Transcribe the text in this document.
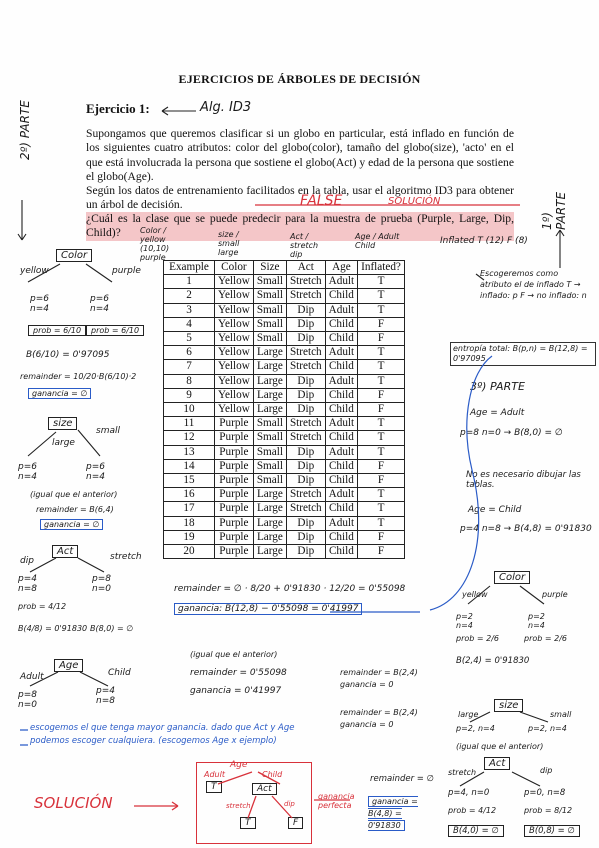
EJERCICIOS DE ÁRBOLES DE DECISIÓN
Ejercicio 1:	Alg. ID3
Supongamos que queremos clasificar si un globo en particular, está inflado en función de los siguientes cuatro atributos: color del globo(color), tamaño del globo(size), 'acto' en el que está involucrada la persona que sostiene el globo(Act) y edad de la persona que sostiene el globo(Age).
Según los datos de entrenamiento facilitados en la tabla, usar el algoritmo ID3 para obtener un árbol de decisión.
¿Cuál es la clase que se puede predecir para la muestra de prueba (Purple, Large, Dip, Child)?
FALSE	SOLUCIÓN
2º) PARTE
1º) PARTE
3º) PARTE
Color / yellow (10,10) purple
size / small large
Act / stretch dip
Age / Adult Child	Inflated T (12) F (8)
Example	Color	Size	Act	Age	Inflated?
1	Yellow	Small	Stretch	Adult	T
2	Yellow	Small	Stretch	Child	T
3	Yellow	Small	Dip	Adult	T
4	Yellow	Small	Dip	Child	F
5	Yellow	Small	Dip	Child	F
6	Yellow	Large	Stretch	Adult	T
7	Yellow	Large	Stretch	Child	T
8	Yellow	Large	Dip	Adult	T
9	Yellow	Large	Dip	Child	F
10	Yellow	Large	Dip	Child	F
11	Purple	Small	Stretch	Adult	T
12	Purple	Small	Stretch	Child	T
13	Purple	Small	Dip	Adult	T
14	Purple	Small	Dip	Child	F
15	Purple	Small	Dip	Child	F
16	Purple	Large	Stretch	Adult	T
17	Purple	Large	Stretch	Child	T
18	Purple	Large	Dip	Adult	T
19	Purple	Large	Dip	Child	F
20	Purple	Large	Dip	Child	F
Color
yellow	purple
p=6 n=4
p=6 n=4
prob = 6/10	prob = 6/10
B(6/10) = 0'97095
remainder = 10/20·B(6/10)·2
ganancia = ∅
size
large
small
p=6 n=4
p=6 n=4
(igual que el anterior)
remainder = B(6,4)
ganancia = ∅
Act
dip	stretch
p=4 n=8
p=8 n=0
prob = 4/12
B(4/8) = 0'91830 B(8,0) = ∅
remainder = ∅ · 8/20 + 0'91830 · 12/20 = 0'55098
ganancia: B(12,8) − 0'55098 = 0'41997
Age
Adult	Child
p=8 n=0
p=4 n=8
(igual que el anterior)
remainder = 0'55098
ganancia = 0'41997
escogemos el que tenga mayor ganancia. dado que Act y Age podemos escoger cualquiera. (escogemos Age x ejemplo)
SOLUCIÓN	ganancia perfecta
Age
Adult	Child
T	Act
stretch	dip
T	F
Escogeremos como atributo el de inflado T → inflado: p F → no inflado: n
entropía total: B(p,n) = B(12,8) = 0'97095
Age = Adult
p=8 n=0 → B(8,0) = ∅
No es necesario dibujar las tablas.
Age = Child
p=4 n=8 → B(4,8) = 0'91830
Color
yellow	purple
p=2 n=4
p=2 n=4
prob = 2/6	prob = 2/6
B(2,4) = 0'91830
remainder = B(2,4)
ganancia = 0
remainder = B(2,4)
ganancia = 0
size
large	small
p=2, n=4	p=2, n=4
(igual que el anterior)
remainder = ∅
ganancia = B(4,8) = 0'91830
Act
stretch	dip
p=4, n=0	p=0, n=8
prob = 4/12	prob = 8/12
B(4,0) = ∅	B(0,8) = ∅
